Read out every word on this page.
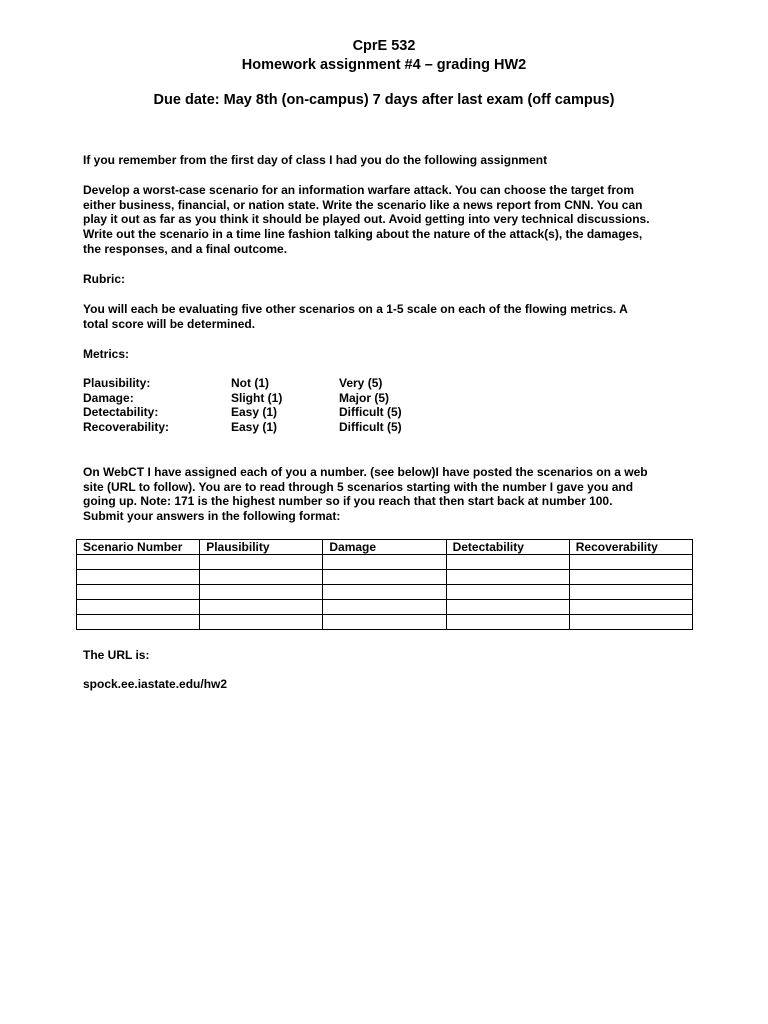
CprE 532
Homework assignment #4 – grading HW2
Due date: May 8th (on-campus) 7 days after last exam (off campus)

If you remember from the first day of class I had you do the following assignment

Develop a worst-case scenario for an information warfare attack. You can choose the target from

either business, financial, or nation state. Write the scenario like a news report from CNN. You can

play it out as far as you think it should be played out. Avoid getting into very technical discussions.

Write out the scenario in a time line fashion talking about the nature of the attack(s), the damages,

the responses, and a final outcome.

Rubric:

You will each be evaluating five other scenarios on a 1-5 scale on each of the flowing metrics. A

total score will be determined.

Metrics:

Plausibility:	Not (1)	Very (5)
Damage:	Slight (1)	Major (5)
Detectability:	Easy (1)	Difficult (5)
Recoverability:	Easy (1)	Difficult (5)

On WebCT I have assigned each of you a number. (see below)I have posted the scenarios on a web

site (URL to follow). You are to read through 5 scenarios starting with the number I gave you and

going up. Note: 171 is the highest number so if you reach that then start back at number 100.

Submit your answers in the following format:

Scenario Number	Plausibility	Damage	Detectability	Recoverability

The URL is:

spock.ee.iastate.edu/hw2
